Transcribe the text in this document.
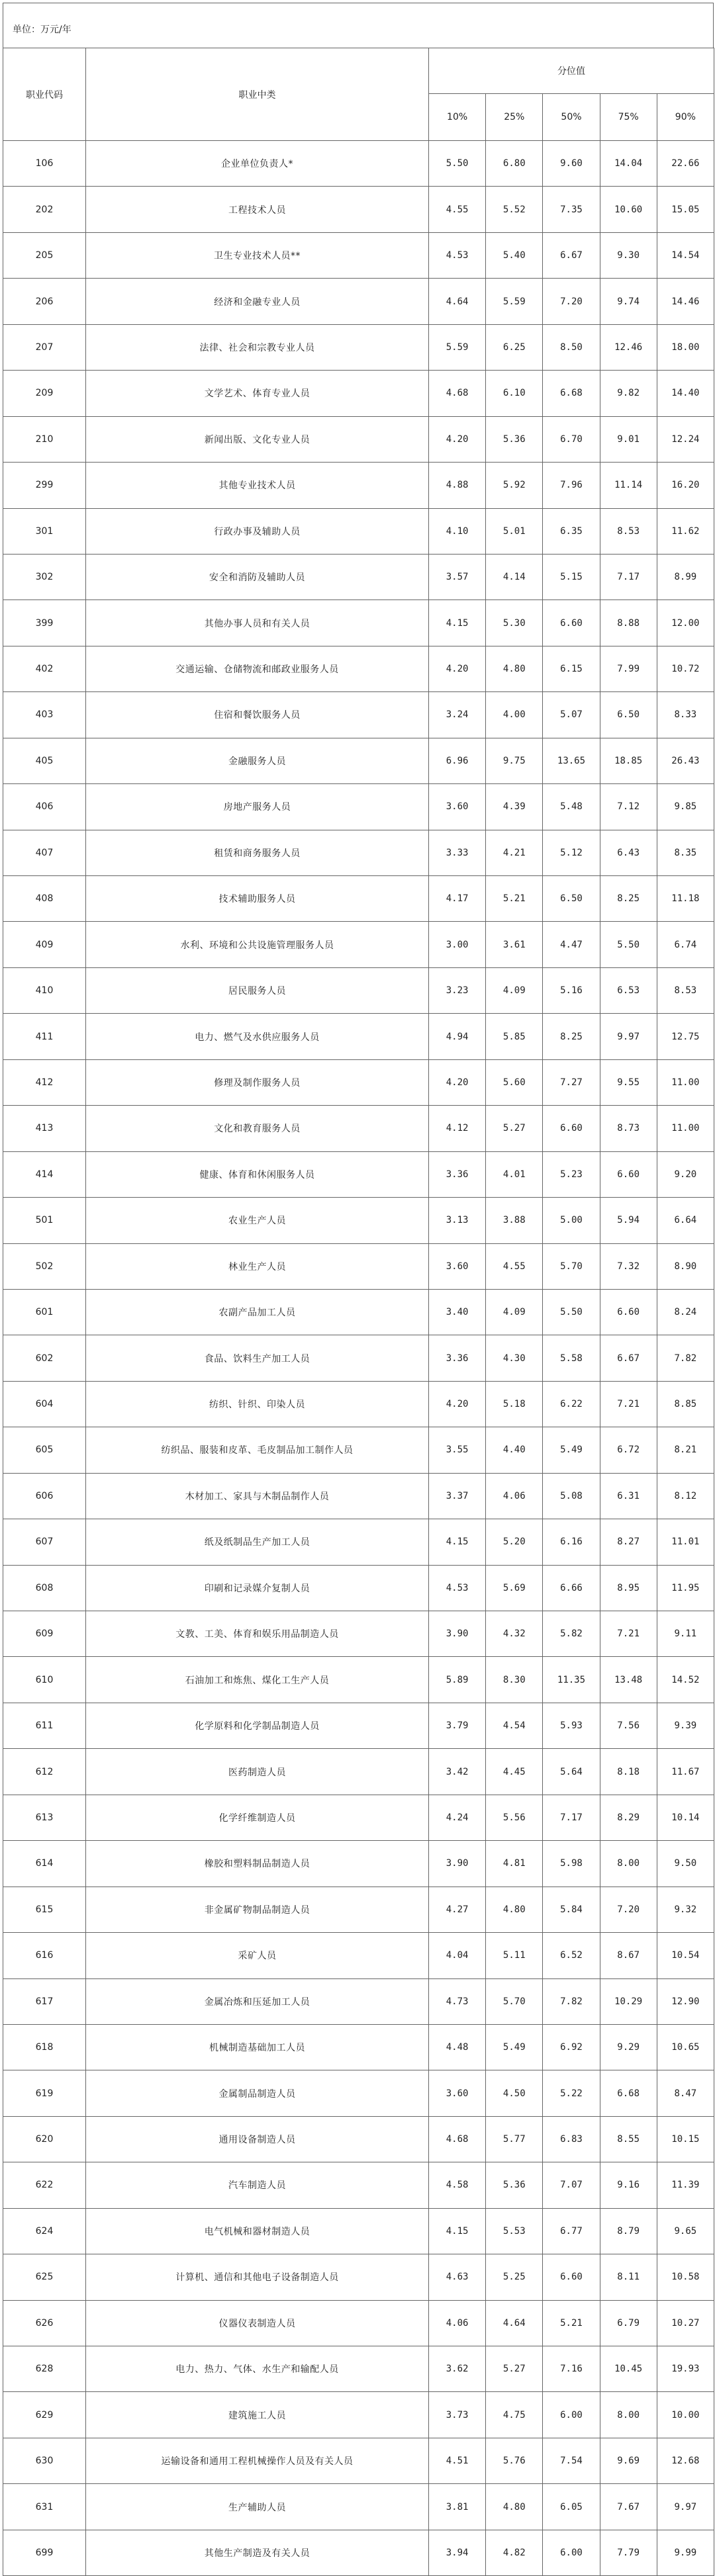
单位：万元/年
职业代码	职业中类	分位值				
		10%	25%	50%	75%	90%
106	企业单位负责人*	5.50	6.80	9.60	14.04	22.66
202	工程技术人员	4.55	5.52	7.35	10.60	15.05
205	卫生专业技术人员**	4.53	5.40	6.67	9.30	14.54
206	经济和金融专业人员	4.64	5.59	7.20	9.74	14.46
207	法律、社会和宗教专业人员	5.59	6.25	8.50	12.46	18.00
209	文学艺术、体育专业人员	4.68	6.10	6.68	9.82	14.40
210	新闻出版、文化专业人员	4.20	5.36	6.70	9.01	12.24
299	其他专业技术人员	4.88	5.92	7.96	11.14	16.20
301	行政办事及辅助人员	4.10	5.01	6.35	8.53	11.62
302	安全和消防及辅助人员	3.57	4.14	5.15	7.17	8.99
399	其他办事人员和有关人员	4.15	5.30	6.60	8.88	12.00
402	交通运输、仓储物流和邮政业服务人员	4.20	4.80	6.15	7.99	10.72
403	住宿和餐饮服务人员	3.24	4.00	5.07	6.50	8.33
405	金融服务人员	6.96	9.75	13.65	18.85	26.43
406	房地产服务人员	3.60	4.39	5.48	7.12	9.85
407	租赁和商务服务人员	3.33	4.21	5.12	6.43	8.35
408	技术辅助服务人员	4.17	5.21	6.50	8.25	11.18
409	水利、环境和公共设施管理服务人员	3.00	3.61	4.47	5.50	6.74
410	居民服务人员	3.23	4.09	5.16	6.53	8.53
411	电力、燃气及水供应服务人员	4.94	5.85	8.25	9.97	12.75
412	修理及制作服务人员	4.20	5.60	7.27	9.55	11.00
413	文化和教育服务人员	4.12	5.27	6.60	8.73	11.00
414	健康、体育和休闲服务人员	3.36	4.01	5.23	6.60	9.20
501	农业生产人员	3.13	3.88	5.00	5.94	6.64
502	林业生产人员	3.60	4.55	5.70	7.32	8.90
601	农副产品加工人员	3.40	4.09	5.50	6.60	8.24
602	食品、饮料生产加工人员	3.36	4.30	5.58	6.67	7.82
604	纺织、针织、印染人员	4.20	5.18	6.22	7.21	8.85
605	纺织品、服装和皮革、毛皮制品加工制作人员	3.55	4.40	5.49	6.72	8.21
606	木材加工、家具与木制品制作人员	3.37	4.06	5.08	6.31	8.12
607	纸及纸制品生产加工人员	4.15	5.20	6.16	8.27	11.01
608	印刷和记录媒介复制人员	4.53	5.69	6.66	8.95	11.95
609	文教、工美、体育和娱乐用品制造人员	3.90	4.32	5.82	7.21	9.11
610	石油加工和炼焦、煤化工生产人员	5.89	8.30	11.35	13.48	14.52
611	化学原料和化学制品制造人员	3.79	4.54	5.93	7.56	9.39
612	医药制造人员	3.42	4.45	5.64	8.18	11.67
613	化学纤维制造人员	4.24	5.56	7.17	8.29	10.14
614	橡胶和塑料制品制造人员	3.90	4.81	5.98	8.00	9.50
615	非金属矿物制品制造人员	4.27	4.80	5.84	7.20	9.32
616	采矿人员	4.04	5.11	6.52	8.67	10.54
617	金属冶炼和压延加工人员	4.73	5.70	7.82	10.29	12.90
618	机械制造基础加工人员	4.48	5.49	6.92	9.29	10.65
619	金属制品制造人员	3.60	4.50	5.22	6.68	8.47
620	通用设备制造人员	4.68	5.77	6.83	8.55	10.15
622	汽车制造人员	4.58	5.36	7.07	9.16	11.39
624	电气机械和器材制造人员	4.15	5.53	6.77	8.79	9.65
625	计算机、通信和其他电子设备制造人员	4.63	5.25	6.60	8.11	10.58
626	仪器仪表制造人员	4.06	4.64	5.21	6.79	10.27
628	电力、热力、气体、水生产和输配人员	3.62	5.27	7.16	10.45	19.93
629	建筑施工人员	3.73	4.75	6.00	8.00	10.00
630	运输设备和通用工程机械操作人员及有关人员	4.51	5.76	7.54	9.69	12.68
631	生产辅助人员	3.81	4.80	6.05	7.67	9.97
699	其他生产制造及有关人员	3.94	4.82	6.00	7.79	9.99
